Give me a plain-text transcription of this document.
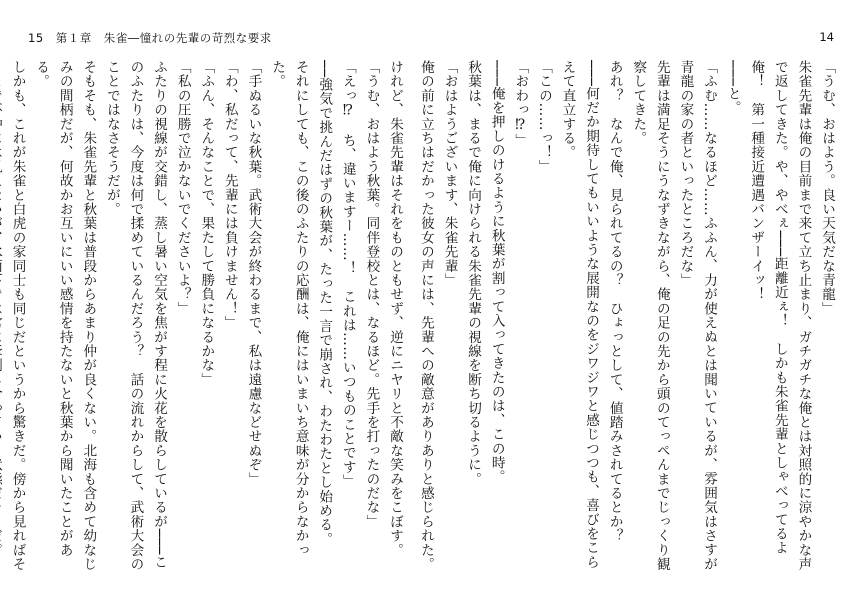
15 第１章　朱雀―憧れの先輩の苛烈な要求

けれど、朱雀先輩はそれをものともせず、逆にニヤリと不敵な笑みをこぼす。

「うむ、おはよう秋葉。同伴登校とは、なるほど。先手を打ったのだな」

「えっ⁉　ち、違いますー……！　これは……いつものことです」

──強気で挑んだはずの秋葉が、たった一言で崩され、わたわたとし始める。

それにしても、この後のふたりの応酬は、俺にはいまいち意味が分からなかった。

「手ぬるいな秋葉。武術大会が終わるまで、私は遠慮などせぬぞ」

「わ、私だって、先輩には負けません！」

「ふん、そんなことで、果たして勝負になるかな」

「私の圧勝で泣かないでくださいよ？」

ふたりの視線が交錯し、蒸し暑い空気を焦がす程に火花を散らしているが───このふたりは、今度は何で揉めているんだろう？　話の流れからして、武術大会のことではなさそうだが。

そもそも、朱雀先輩と秋葉は普段からあまり仲が良くない。北海も含めて幼なじみの間柄だが、何故かお互いにいい感情を持たないと秋葉から聞いたことがある。

しかも、これが朱雀と白虎の家同士も同じだというから驚きだ。傍から見ればそ

14

「うむ、おはよう。良い天気だな青龍」

朱雀先輩は俺の目前まで来て立ち止まり、ガチガチな俺とは対照的に涼やかな声で返してきた。や、やべぇ───距離近ぇ！　しかも朱雀先輩としゃべってるよ俺！　第一種接近遭遇バンザーイッ！

───と。

「ふむ……なるほど……ふふん、力が使えぬとは聞いているが、雰囲気はさすが青龍の家の者といったところだな」

先輩は満足そうにうなずきながら、俺の足の先から頭のてっぺんまでじっくり観察してきた。

あれ？　なんで俺、見られてるの？　ひょっとして、値踏みされてるとか？　───何だか期待してもいいような展開なのをジワジワと感じつつも、喜びをこらえて直立する。

「この……っ！」

「おわっ⁉」

───俺を押しのけるように秋葉が割って入ってきたのは、この時。

秋葉は、まるで俺に向けられる朱雀先輩の視線を断ち切るように。

「おはようございます、朱雀先輩」

俺の前に立ちはだかった彼女の声には、先輩への敵意がありありと感じられた。
